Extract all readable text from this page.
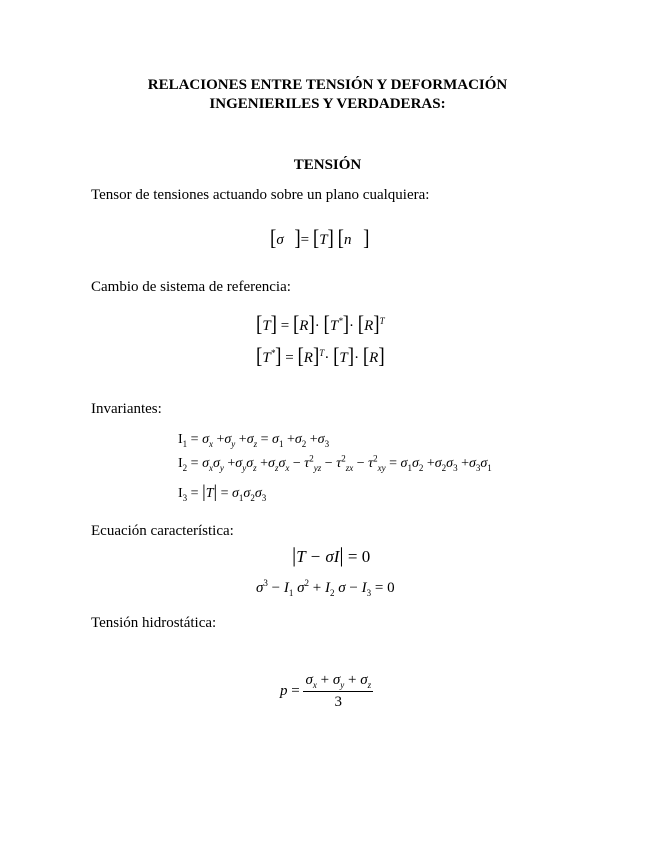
RELACIONES ENTRE TENSIÓN Y DEFORMACIÓN
INGENIERILES Y VERDADERAS:
TENSIÓN
Tensor de tensiones actuando sobre un plano cualquiera:
[σ⃗]= [T] [n⃗]
Cambio de sistema de referencia:
$[T] = [R]\cdot [T^*]\cdot [R]^T$
$[T^*] = [R]^T\cdot [T]\cdot [R]$
Invariantes:
$I_1 = \sigma_x +\sigma_y +\sigma_z = \sigma_1 +\sigma_2 +\sigma_3$
$I_2 = \sigma_x\sigma_y +\sigma_y\sigma_z +\sigma_z\sigma_x - \tau^2_{yz} - \tau^2_{zx} - \tau^2_{xy} = \sigma_1\sigma_2 +\sigma_2\sigma_3 +\sigma_3\sigma_1$
$I_3 = |T| = \sigma_1\sigma_2\sigma_3$
Ecuación característica:
|T − σI| = 0
$\sigma^3 - I_1$ $\sigma^2 + I_2$ $\sigma - I_3 = 0$
Tensión hidrostática:
$p = \frac{\sigma_x + \sigma_y + \sigma_z}{3}$
